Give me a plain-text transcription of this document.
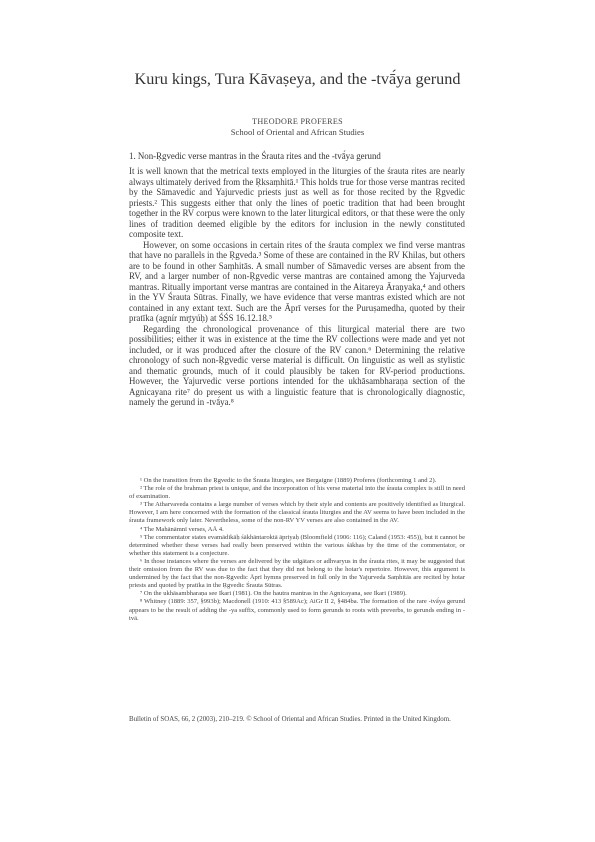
Kuru kings, Tura Kāvaṣeya, and the -tvā́ya gerund
THEODORE PROFERES
School of Oriental and African Studies
1. Non-Ṛgvedic verse mantras in the Śrauta rites and the -tvā́ya gerund

It is well known that the metrical texts employed in the liturgies of the śrauta rites are nearly always ultimately derived from the Ṛksaṃhitā.¹ This holds true for those verse mantras recited by the Sāmavedic and Yajurvedic priests just as well as for those recited by the Ṛgvedic priests.² This suggests either that only the lines of poetic tradition that had been brought together in the RV corpus were known to the later liturgical editors, or that these were the only lines of tradition deemed eligible by the editors for inclusion in the newly constituted composite text.

However, on some occasions in certain rites of the śrauta complex we find verse mantras that have no parallels in the Ṛgveda.³ Some of these are contained in the RV Khilas, but others are to be found in other Saṃhitās. A small number of Sāmavedic verses are absent from the RV, and a larger number of non-Ṛgvedic verse mantras are contained among the Yajurveda mantras. Ritually important verse mantras are contained in the Aitareya Āraṇyaka,⁴ and others in the YV Śrauta Sūtras. Finally, we have evidence that verse mantras existed which are not contained in any extant text. Such are the Āprī verses for the Puruṣamedha, quoted by their pratīka (agnír mr̥tyúḥ) at ŚŚS 16.12.18.⁵

Regarding the chronological provenance of this liturgical material there are two possibilities; either it was in existence at the time the RV collections were made and yet not included, or it was produced after the closure of the RV canon.⁶ Determining the relative chronology of such non-Ṛgvedic verse material is difficult. On linguistic as well as stylistic and thematic grounds, much of it could plausibly be taken for RV-period productions. However, the Yajurvedic verse portions intended for the ukhāsambharaṇa section of the Agnicayana rite⁷ do present us with a linguistic feature that is chronologically diagnostic, namely the gerund in -tvā́ya.⁸

¹ On the transition from the Ṛgvedic to the Śrauta liturgies, see Bergaigne (1889) Proferes (forthcoming 1 and 2).

² The role of the brahman priest is unique, and the incorporation of his verse material into the śrauta complex is still in need of examination.

³ The Atharvaveda contains a large number of verses which by their style and contents are positively identified as liturgical. However, I am here concerned with the formation of the classical śrauta liturgies and the AV seems to have been included in the śrauta framework only later. Nevertheless, some of the non-RV YV verses are also contained in the AV.

⁴ The Mahānāmnī verses, AĀ 4.

⁵ The commentator states evamādikāḥ śākhāntaroktā āpriyaḥ (Bloomfield (1906: 116); Caland (1953: 455)), but it cannot be determined whether these verses had really been preserved within the various śākhas by the time of the commentator, or whether this statement is a conjecture.

⁶ In those instances where the verses are delivered by the udgātars or adhvaryus in the śrauta rites, it may be suggested that their omission from the RV was due to the fact that they did not belong to the hotar's repertoire. However, this argument is undermined by the fact that the non-Ṛgvedic Āprī hymns preserved in full only in the Yajurveda Saṃhitās are recited by hotar priests and quoted by pratīka in the Ṛgvedic Śrauta Sūtras.

⁷ On the ukhāsambharaṇa see Ikari (1981). On the hautra mantras in the Agnicayana, see Ikari (1989).

⁸ Whitney (1889: 357, §993b); Macdonell (1910: 413 §589Ac); AiGr II 2, §484ba. The formation of the rare -tvā́ya gerund appears to be the result of adding the -ya suffix, commonly used to form gerunds to roots with preverbs, to gerunds ending in -tvā.

Bulletin of SOAS, 66, 2 (2003), 210–219. © School of Oriental and African Studies. Printed in the United Kingdom.
